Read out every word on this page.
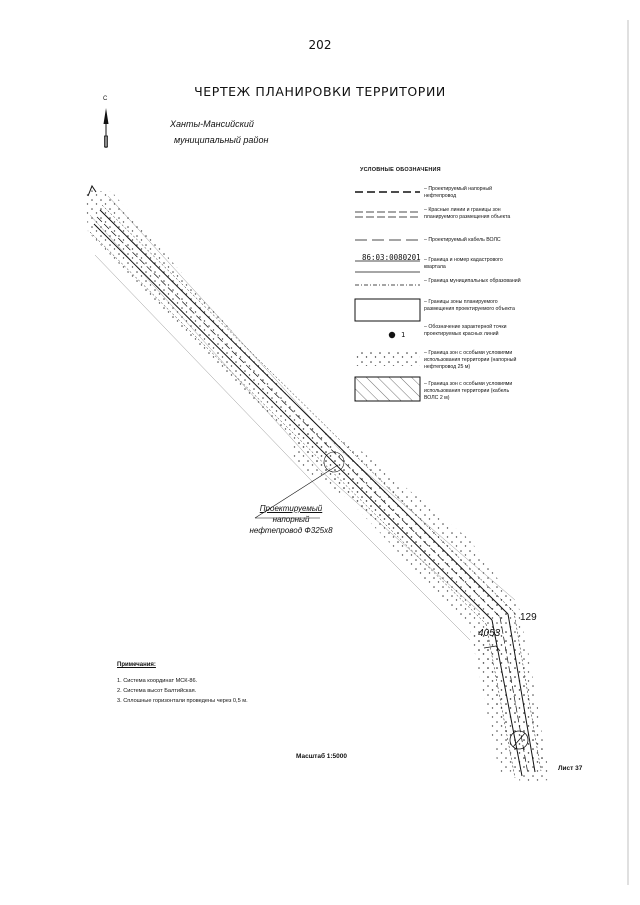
202
ЧЕРТЕЖ ПЛАНИРОВКИ ТЕРРИТОРИИ
С
Ханты-Мансийский
муниципальный район
УСЛОВНЫЕ ОБОЗНАЧЕНИЯ
– Проектируемый напорный нефтепровод
– Красные линии и границы зон планируемого размещения объекта
– Проектируемый кабель ВОЛС
86:03:0080201 – Граница и номер кадастрового квартала
– Граница муниципальных образований
– Границы зоны планируемого размещения проектируемого объекта
1
– Обозначение характерной точки проектируемых красных линий
– Граница зон с особыми условиями использования территории (напорный нефтепровод 25 м)
– Граница зон с особыми условиями использования территории (кабель ВОЛС 2 м)
Проектируемый
напорный
нефтепровод Ф325х8
129
4053
Примечания:
1. Система координат МСК-86.
2. Система высот Балтийская.
3. Сплошные горизонтали проведены через 0,5 м.
Масштаб 1:5000
Лист 37
